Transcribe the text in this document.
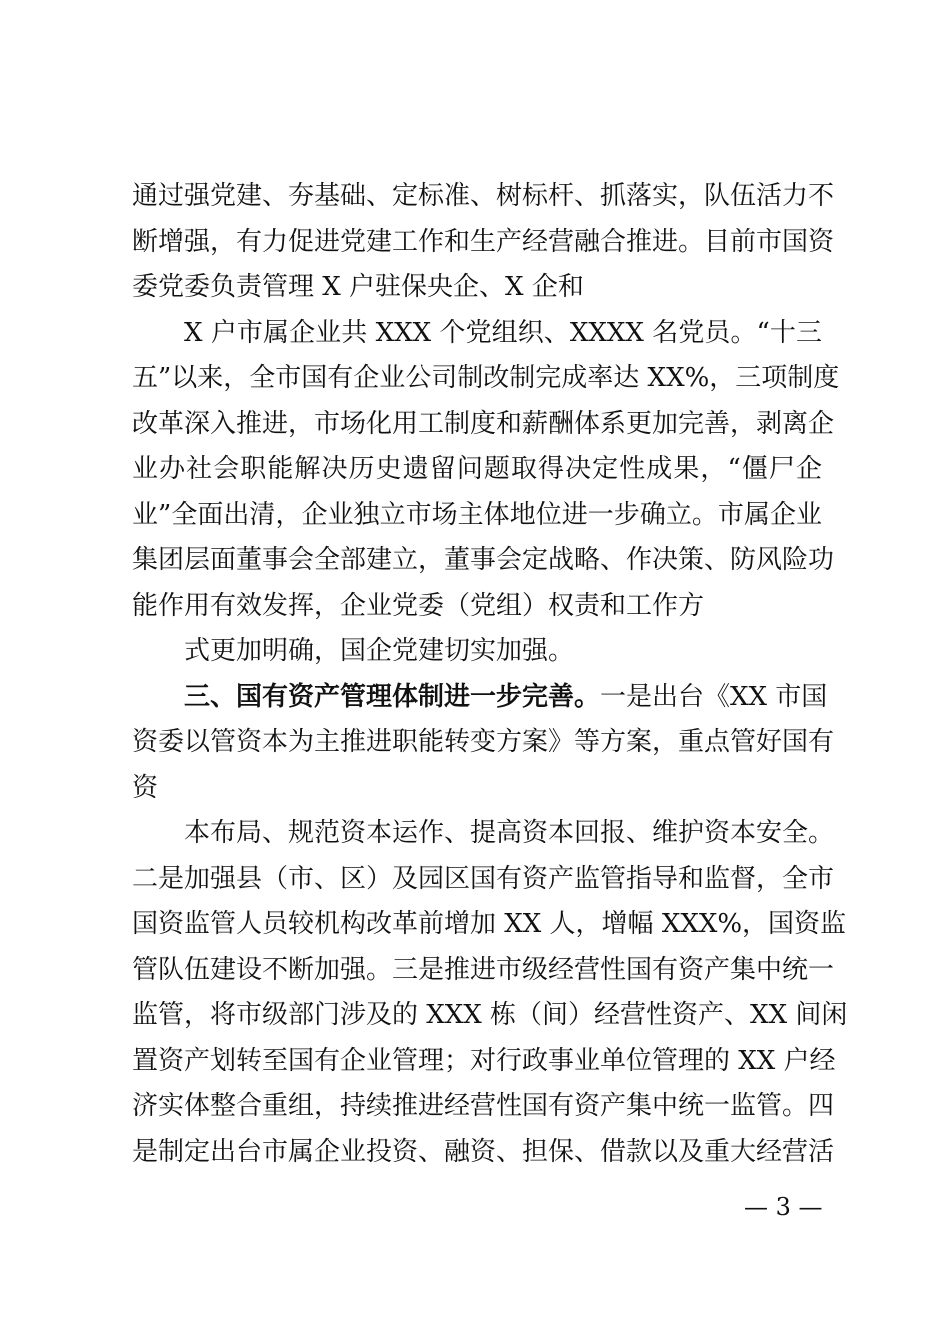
通过强党建、夯基础、定标准、树标杆、抓落实，队伍活力不
断增强，有力促进党建工作和生产经营融合推进。目前市国资
委党委负责管理 X 户驻保央企、X 企和
X 户市属企业共 XXX 个党组织、XXXX 名党员。“十三
五”以来，全市国有企业公司制改制完成率达 XX%，三项制度
改革深入推进，市场化用工制度和薪酬体系更加完善，剥离企
业办社会职能解决历史遗留问题取得决定性成果，“僵尸企
业”全面出清，企业独立市场主体地位进一步确立。市属企业
集团层面董事会全部建立，董事会定战略、作决策、防风险功
能作用有效发挥，企业党委（党组）权责和工作方
式更加明确，国企党建切实加强。
三、国有资产管理体制进一步完善。一是出台《XX 市国
资委以管资本为主推进职能转变方案》等方案，重点管好国有
资
本布局、规范资本运作、提高资本回报、维护资本安全。
二是加强县（市、区）及园区国有资产监管指导和监督，全市
国资监管人员较机构改革前增加 XX 人，增幅 XXX%，国资监
管队伍建设不断加强。三是推进市级经营性国有资产集中统一
监管，将市级部门涉及的 XXX 栋（间）经营性资产、XX 间闲
置资产划转至国有企业管理；对行政事业单位管理的 XX 户经
济实体整合重组，持续推进经营性国有资产集中统一监管。四
是制定出台市属企业投资、融资、担保、借款以及重大经营活
— 3 —
